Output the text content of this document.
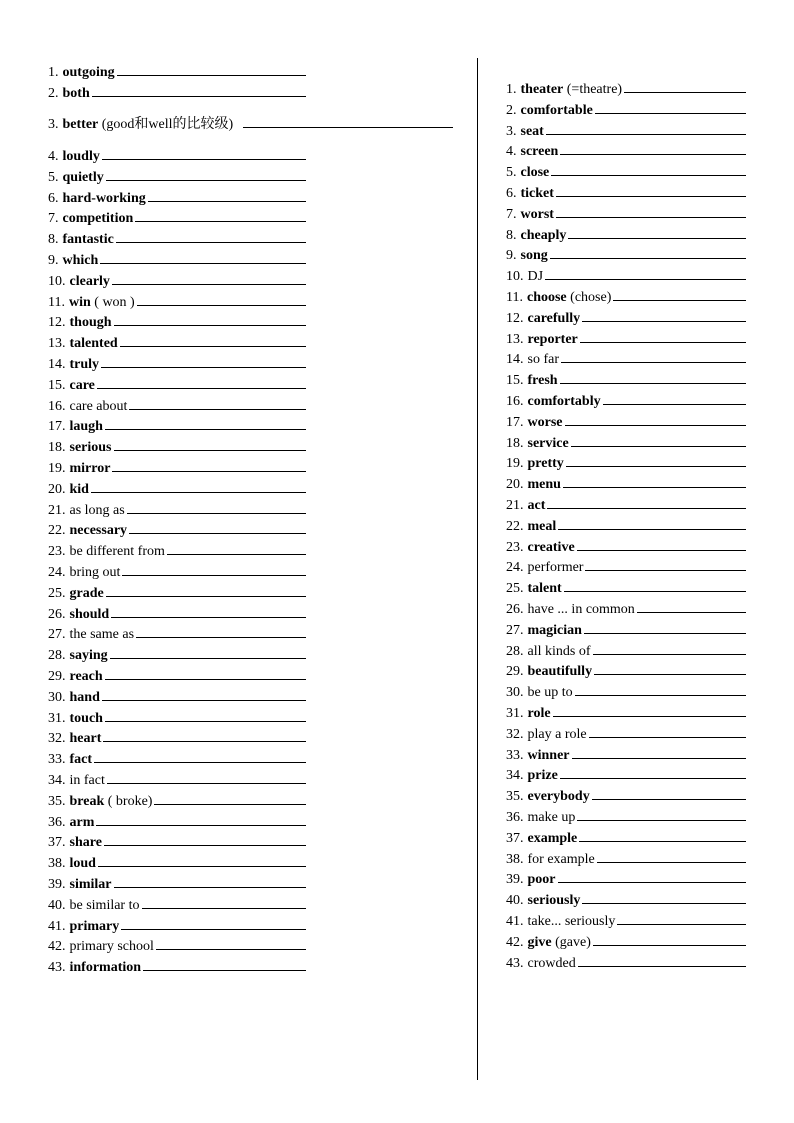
1. outgoing
2. both
3. better (good和well的比较级)
4. loudly
5. quietly
6. hard-working
7. competition
8. fantastic
9. which
10. clearly
11. win ( won )
12. though
13. talented
14. truly
15. care
16. care about
17. laugh
18. serious
19. mirror
20. kid
21. as long as
22. necessary
23. be different from
24. bring out
25. grade
26. should
27. the same as
28. saying
29. reach
30. hand
31. touch
32. heart
33. fact
34. in fact
35. break ( broke)
36. arm
37. share
38. loud
39. similar
40. be similar to
41. primary
42. primary school
43. information
1. theater (=theatre)
2. comfortable
3. seat
4. screen
5. close
6. ticket
7. worst
8. cheaply
9. song
10. DJ
11. choose (chose)
12. carefully
13. reporter
14. so far
15. fresh
16. comfortably
17. worse
18. service
19. pretty
20. menu
21. act
22. meal
23. creative
24. performer
25. talent
26. have ... in common
27. magician
28. all kinds of
29. beautifully
30. be up to
31. role
32. play a role
33. winner
34. prize
35. everybody
36. make up
37. example
38. for example
39. poor
40. seriously
41. take... seriously
42. give (gave)
43. crowded
